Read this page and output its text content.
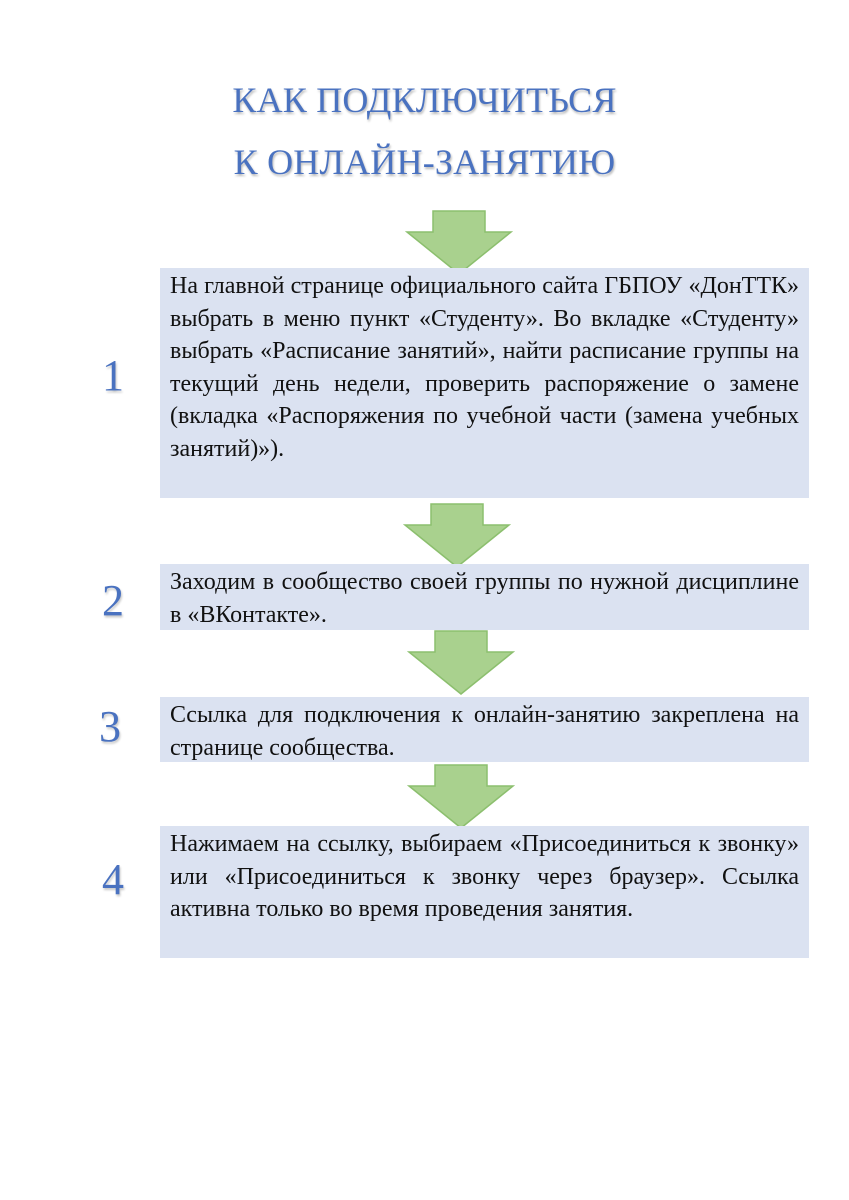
КАК ПОДКЛЮЧИТЬСЯ
К ОНЛАЙН-ЗАНЯТИЮ
1
На главной странице официального сайта ГБПОУ «ДонТТК» выбрать в меню пункт «Студенту». Во вкладке «Студенту» выбрать «Расписание занятий», найти расписание группы на текущий день недели, проверить распоряжение о замене (вкладка «Распоряжения по учебной части (замена учебных занятий)»).
2	Заходим в сообщество своей группы по нужной дисциплине в «ВКонтакте».
3	Ссылка для подключения к онлайн-занятию закреплена на странице сообщества.
4
Нажимаем на ссылку, выбираем «Присоединиться к звонку» или «Присоединиться к звонку через браузер». Ссылка активна только во время проведения занятия.
